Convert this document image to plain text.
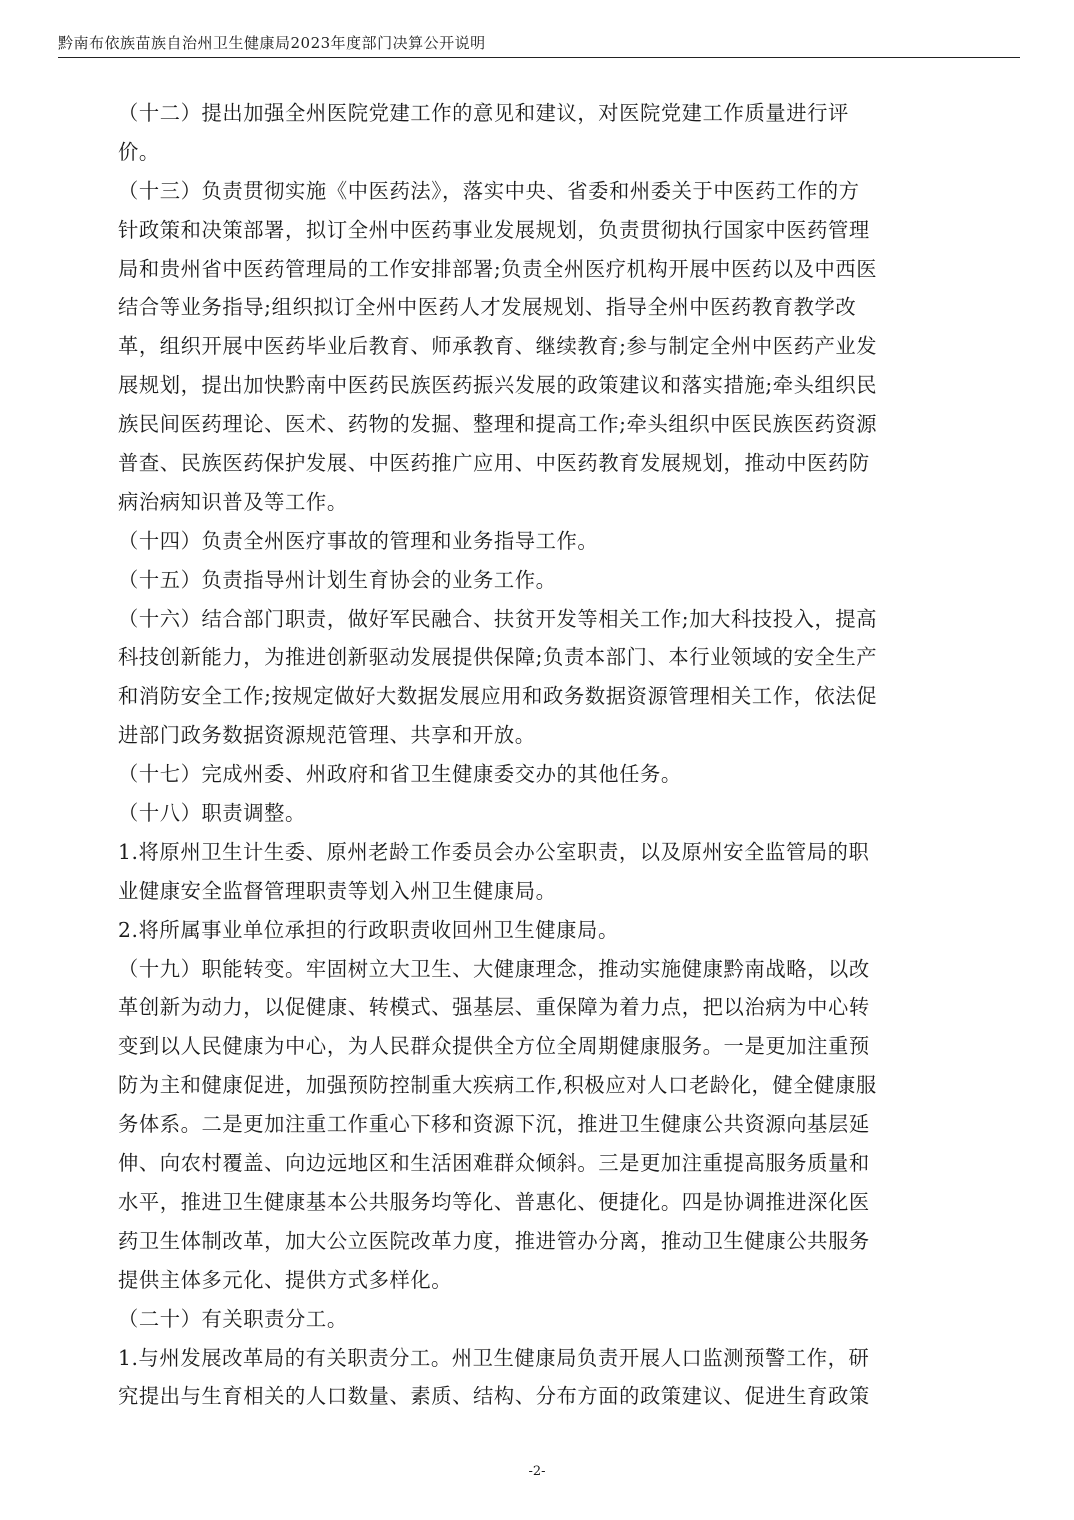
黔南布依族苗族自治州卫生健康局2023年度部门决算公开说明
（十二）提出加强全州医院党建工作的意见和建议，对医院党建工作质量进行评
价。
（十三）负责贯彻实施《中医药法》，落实中央、省委和州委关于中医药工作的方
针政策和决策部署，拟订全州中医药事业发展规划，负责贯彻执行国家中医药管理
局和贵州省中医药管理局的工作安排部署;负责全州医疗机构开展中医药以及中西医
结合等业务指导;组织拟订全州中医药人才发展规划、指导全州中医药教育教学改
革，组织开展中医药毕业后教育、师承教育、继续教育;参与制定全州中医药产业发
展规划，提出加快黔南中医药民族医药振兴发展的政策建议和落实措施;牵头组织民
族民间医药理论、医术、药物的发掘、整理和提高工作;牵头组织中医民族医药资源
普查、民族医药保护发展、中医药推广应用、中医药教育发展规划，推动中医药防
病治病知识普及等工作。
（十四）负责全州医疗事故的管理和业务指导工作。
（十五）负责指导州计划生育协会的业务工作。
（十六）结合部门职责，做好军民融合、扶贫开发等相关工作;加大科技投入，提高
科技创新能力，为推进创新驱动发展提供保障;负责本部门、本行业领域的安全生产
和消防安全工作;按规定做好大数据发展应用和政务数据资源管理相关工作，依法促
进部门政务数据资源规范管理、共享和开放。
（十七）完成州委、州政府和省卫生健康委交办的其他任务。
（十八）职责调整。
1.将原州卫生计生委、原州老龄工作委员会办公室职责，以及原州安全监管局的职
业健康安全监督管理职责等划入州卫生健康局。
2.将所属事业单位承担的行政职责收回州卫生健康局。
（十九）职能转变。牢固树立大卫生、大健康理念，推动实施健康黔南战略，以改
革创新为动力，以促健康、转模式、强基层、重保障为着力点，把以治病为中心转
变到以人民健康为中心，为人民群众提供全方位全周期健康服务。一是更加注重预
防为主和健康促进，加强预防控制重大疾病工作,积极应对人口老龄化，健全健康服
务体系。二是更加注重工作重心下移和资源下沉，推进卫生健康公共资源向基层延
伸、向农村覆盖、向边远地区和生活困难群众倾斜。三是更加注重提高服务质量和
水平，推进卫生健康基本公共服务均等化、普惠化、便捷化。四是协调推进深化医
药卫生体制改革，加大公立医院改革力度，推进管办分离，推动卫生健康公共服务
提供主体多元化、提供方式多样化。
（二十）有关职责分工。
1.与州发展改革局的有关职责分工。州卫生健康局负责开展人口监测预警工作，研
究提出与生育相关的人口数量、素质、结构、分布方面的政策建议、促进生育政策
-2-
